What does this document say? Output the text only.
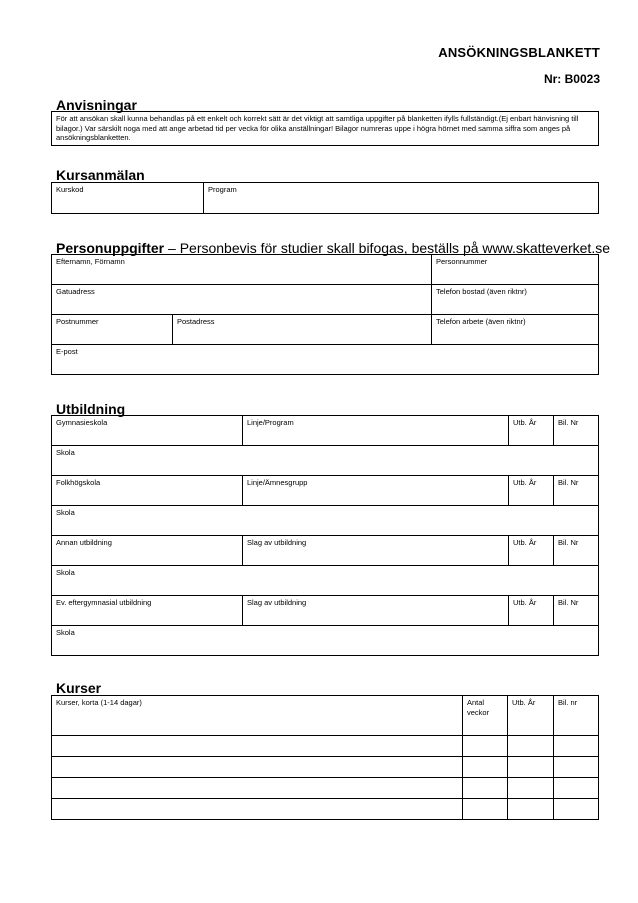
ANSÖKNINGSBLANKETT
Nr: B0023
Anvisningar
För att ansökan skall kunna behandlas på ett enkelt och korrekt sätt är det viktigt att samtliga uppgifter på blanketten ifylls fullständigt.(Ej enbart hänvisning till bilagor.) Var särskilt noga med att ange arbetad tid per vecka för olika anställningar! Bilagor numreras uppe i högra hörnet med samma siffra som anges på ansökningsblanketten.
Kursanmälan
Kurskod	Program
Personuppgifter – Personbevis för studier skall bifogas, beställs på www.skatteverket.se
Efternamn, Förnamn		Personnummer
Gatuadress		Telefon bostad (även riktnr)
Postnummer	Postadress	Telefon arbete (även riktnr)
E-post		
Utbildning
Gymnasieskola	Linje/Program	Utb. År	Bil. Nr
Skola			
Folkhögskola	Linje/Ämnesgrupp	Utb. År	Bil. Nr
Skola			
Annan utbildning	Slag av utbildning	Utb. År	Bil. Nr
Skola			
Ev. eftergymnasial utbildning	Slag av utbildning	Utb. År	Bil. Nr
Skola			
Kurser
Kurser, korta (1-14 dagar)	Antal veckor	Utb. År	Bil. nr
